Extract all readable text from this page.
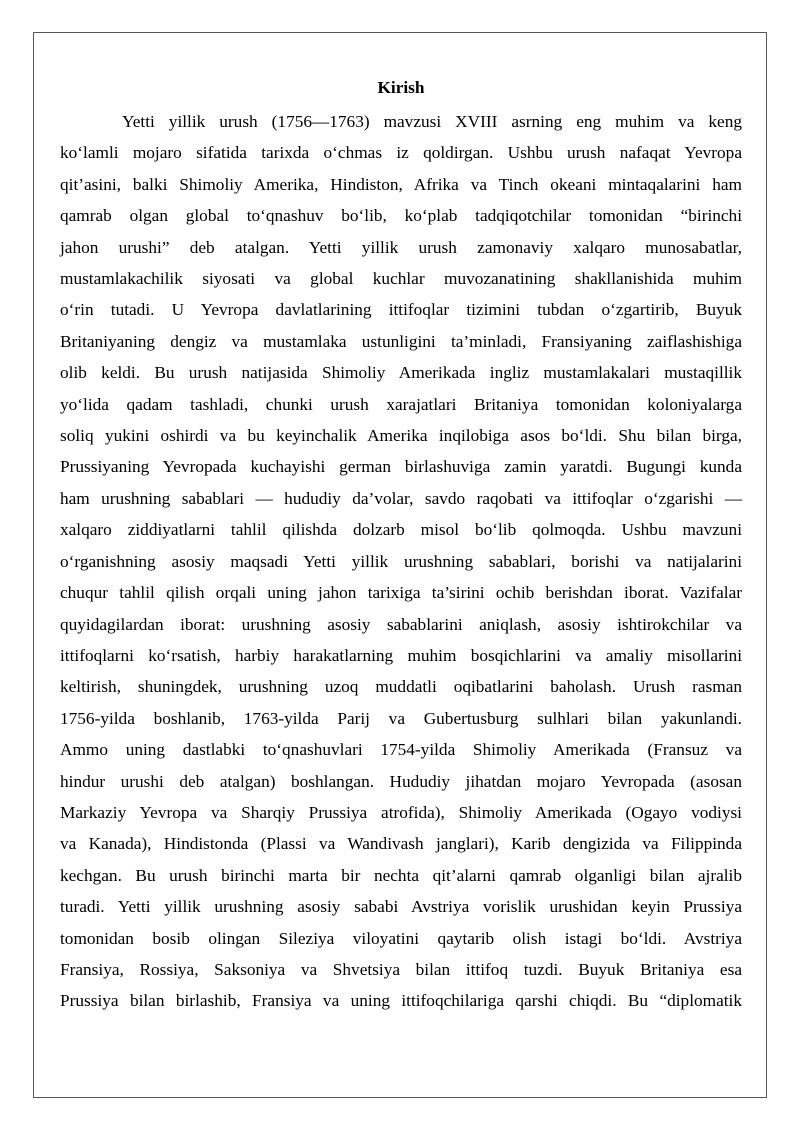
Kirish
Yetti yillik urush (1756—1763) mavzusi XVIII asrning eng muhim va keng
ko‘lamli mojaro sifatida tarixda o‘chmas iz qoldirgan. Ushbu urush nafaqat Yevropa
qit’asini, balki Shimoliy Amerika, Hindiston, Afrika va Tinch okeani mintaqalarini ham
qamrab olgan global to‘qnashuv bo‘lib, ko‘plab tadqiqotchilar tomonidan “birinchi
jahon urushi” deb atalgan. Yetti yillik urush zamonaviy xalqaro munosabatlar,
mustamlakachilik siyosati va global kuchlar muvozanatining shakllanishida muhim
o‘rin tutadi. U Yevropa davlatlarining ittifoqlar tizimini tubdan o‘zgartirib, Buyuk
Britaniyaning dengiz va mustamlaka ustunligini ta’minladi, Fransiyaning zaiflashishiga
olib keldi. Bu urush natijasida Shimoliy Amerikada ingliz mustamlakalari mustaqillik
yo‘lida qadam tashladi, chunki urush xarajatlari Britaniya tomonidan koloniyalarga
soliq yukini oshirdi va bu keyinchalik Amerika inqilobiga asos bo‘ldi. Shu bilan birga,
Prussiyaning Yevropada kuchayishi german birlashuviga zamin yaratdi. Bugungi kunda
ham urushning sabablari — hududiy da’volar, savdo raqobati va ittifoqlar o‘zgarishi —
xalqaro ziddiyatlarni tahlil qilishda dolzarb misol bo‘lib qolmoqda. Ushbu mavzuni
o‘rganishning asosiy maqsadi Yetti yillik urushning sabablari, borishi va natijalarini
chuqur tahlil qilish orqali uning jahon tarixiga ta’sirini ochib berishdan iborat. Vazifalar
quyidagilardan iborat: urushning asosiy sabablarini aniqlash, asosiy ishtirokchilar va
ittifoqlarni ko‘rsatish, harbiy harakatlarning muhim bosqichlarini va amaliy misollarini
keltirish, shuningdek, urushning uzoq muddatli oqibatlarini baholash. Urush rasman
1756-yilda boshlanib, 1763-yilda Parij va Gubertusburg sulhlari bilan yakunlandi.
Ammo uning dastlabki to‘qnashuvlari 1754-yilda Shimoliy Amerikada (Fransuz va
hindur urushi deb atalgan) boshlangan. Hududiy jihatdan mojaro Yevropada (asosan
Markaziy Yevropa va Sharqiy Prussiya atrofida), Shimoliy Amerikada (Ogayo vodiysi
va Kanada), Hindistonda (Plassi va Wandivash janglari), Karib dengizida va Filippinda
kechgan. Bu urush birinchi marta bir nechta qit’alarni qamrab olganligi bilan ajralib
turadi. Yetti yillik urushning asosiy sababi Avstriya vorislik urushidan keyin Prussiya
tomonidan bosib olingan Sileziya viloyatini qaytarib olish istagi bo‘ldi. Avstriya
Fransiya, Rossiya, Saksoniya va Shvetsiya bilan ittifoq tuzdi. Buyuk Britaniya esa
Prussiya bilan birlashib, Fransiya va uning ittifoqchilariga qarshi chiqdi. Bu “diplomatik
